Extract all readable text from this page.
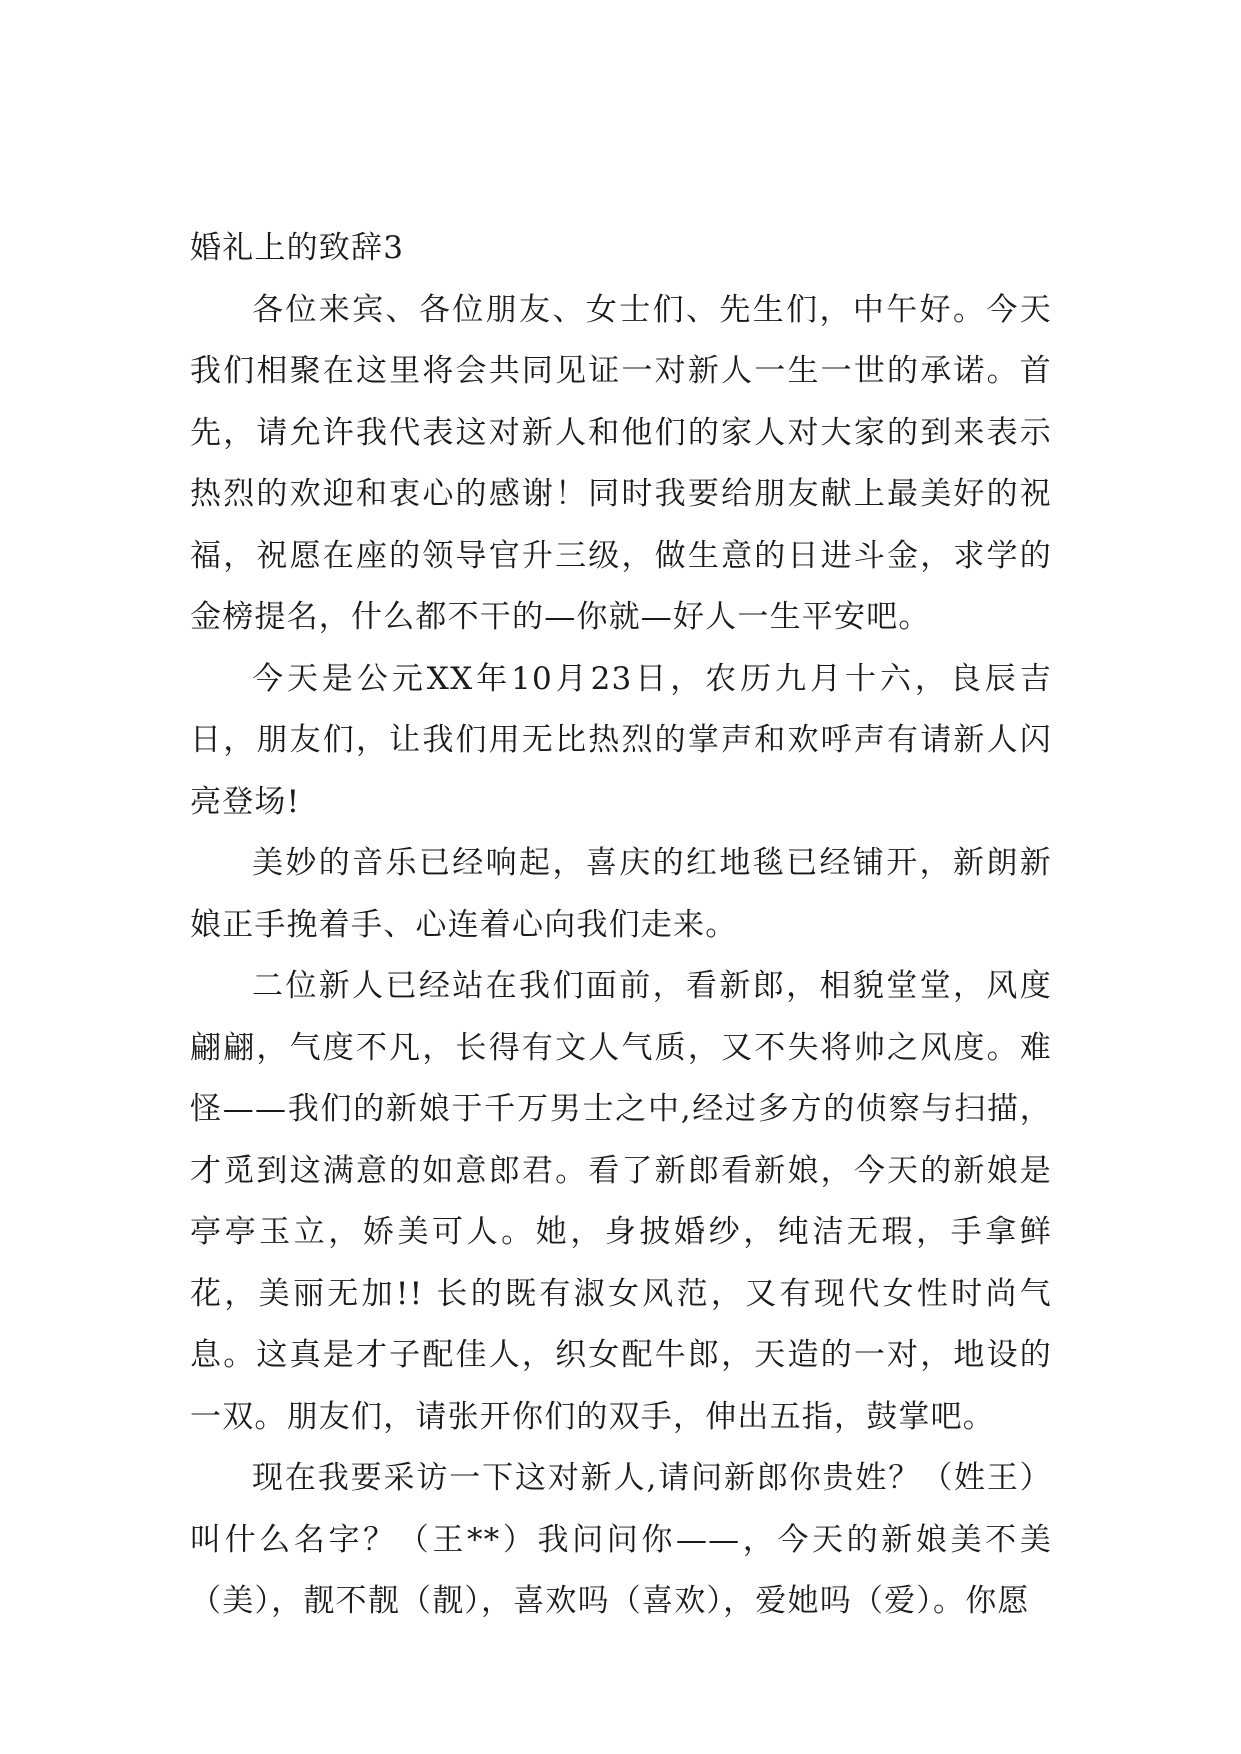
婚礼上的致辞3

各位来宾、各位朋友、女士们、先生们，中午好。今天我们相聚在这里将会共同见证一对新人一生一世的承诺。首先，请允许我代表这对新人和他们的家人对大家的到来表示热烈的欢迎和衷心的感谢！同时我要给朋友献上最美好的祝福，祝愿在座的领导官升三级，做生意的日进斗金，求学的金榜提名，什么都不干的—你就—好人一生平安吧。

今天是公元XX年10月23日，农历九月十六，良辰吉日，朋友们，让我们用无比热烈的掌声和欢呼声有请新人闪亮登场!

美妙的音乐已经响起，喜庆的红地毯已经铺开，新朗新娘正手挽着手、心连着心向我们走来。

二位新人已经站在我们面前，看新郎，相貌堂堂，风度翩翩，气度不凡，长得有文人气质，又不失将帅之风度。难怪——我们的新娘于千万男士之中,经过多方的侦察与扫描，才觅到这满意的如意郎君。看了新郎看新娘，今天的新娘是亭亭玉立，娇美可人。她，身披婚纱，纯洁无瑕，手拿鲜花，美丽无加!! 长的既有淑女风范，又有现代女性时尚气息。这真是才子配佳人，织女配牛郎，天造的一对，地设的一双。朋友们，请张开你们的双手，伸出五指，鼓掌吧。

现在我要采访一下这对新人,请问新郎你贵姓？（姓王）叫什么名字？（王**）我问问你——，今天的新娘美不美（美），靓不靓（靓），喜欢吗（喜欢），爱她吗（爱）。你愿
